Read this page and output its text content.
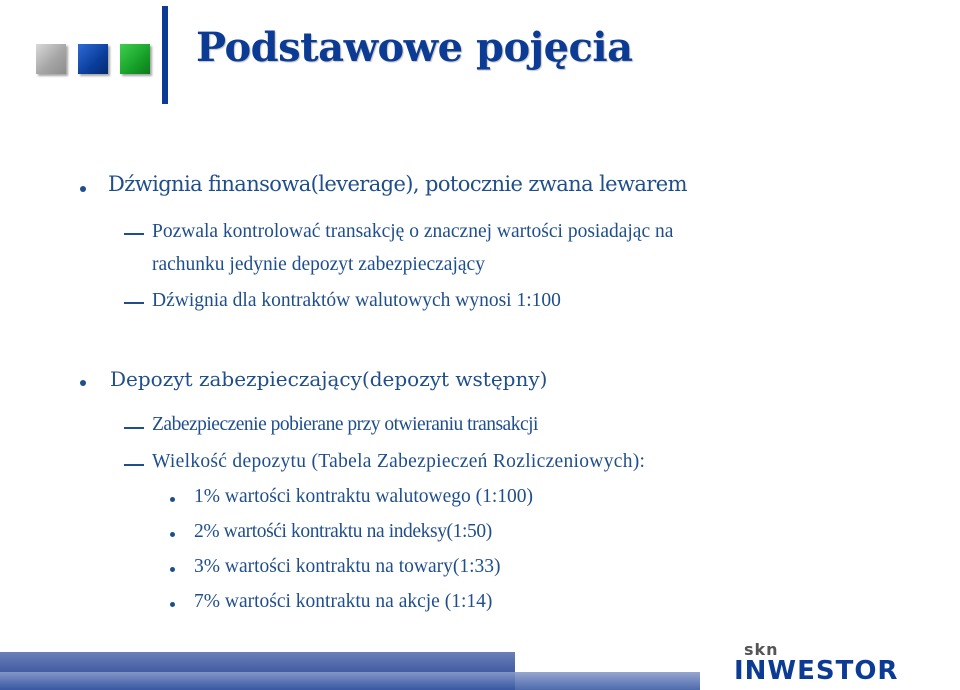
Podstawowe pojęcia
Dźwignia finansowa(leverage), potocznie zwana lewarem
Pozwala kontrolować transakcję o znacznej wartości posiadając na
rachunku jedynie depozyt zabezpieczający
Dźwignia dla kontraktów walutowych wynosi 1:100
Depozyt zabezpieczający(depozyt wstępny)
Zabezpieczenie pobierane przy otwieraniu transakcji
Wielkość depozytu (Tabela Zabezpieczeń Rozliczeniowych):
1% wartości kontraktu walutowego (1:100)
2% wartośći kontraktu na indeksy(1:50)
3% wartości kontraktu na towary(1:33)
7% wartości kontraktu na akcje (1:14)
skn
INWESTOR
